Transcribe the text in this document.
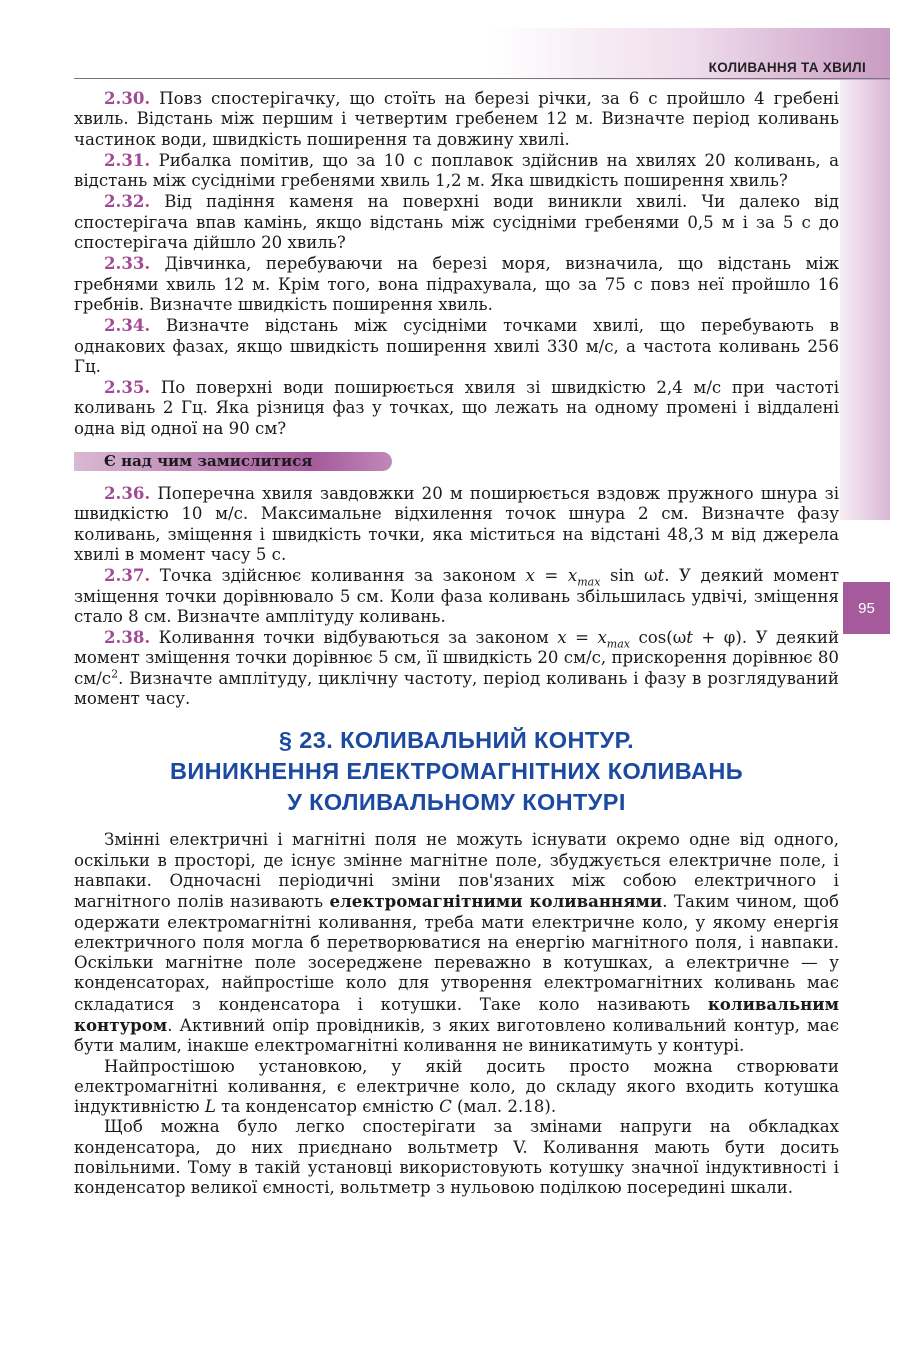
КОЛИВАННЯ ТА ХВИЛІ
95

2.30. Повз спостерігачку, що стоїть на березі річки, за 6 с пройшло 4 гребені хвиль. Відстань між першим і четвертим гребенем 12 м. Визначте період коливань частинок води, швидкість поширення та довжину хвилі.

2.31. Рибалка помітив, що за 10 с поплавок здійснив на хвилях 20 коливань, а відстань між сусідніми гребенями хвиль 1,2 м. Яка швидкість поширення хвиль?

2.32. Від падіння каменя на поверхні води виникли хвилі. Чи далеко від спостерігача впав камінь, якщо відстань між сусідніми гребенями 0,5 м і за 5 с до спостерігача дійшло 20 хвиль?

2.33. Дівчинка, перебуваючи на березі моря, визначила, що відстань між гребнями хвиль 12 м. Крім того, вона підрахувала, що за 75 с повз неї пройшло 16 гребнів. Визначте швидкість поширення хвиль.

2.34. Визначте відстань між сусідніми точками хвилі, що перебувають в однакових фазах, якщо швидкість поширення хвилі 330 м/с, а частота коливань 256 Гц.

2.35. По поверхні води поширюється хвиля зі швидкістю 2,4 м/с при частоті коливань 2 Гц. Яка різниця фаз у точках, що лежать на одному промені і віддалені одна від одної на 90 см?

Є над чим замислитися

2.36. Поперечна хвиля завдовжки 20 м поширюється вздовж пружного шнура зі швидкістю 10 м/с. Максимальне відхилення точок шнура 2 см. Визначте фазу коливань, зміщення і швидкість точки, яка міститься на відстані 48,3 м від джерела хвилі в момент часу 5 с.

2.37. Точка здійснює коливання за законом $x = x_{max}$ sin ωt. У деякий момент зміщення точки дорівнювало 5 см. Коли фаза коливань збільшилась удвічі, зміщення стало 8 см. Визначте амплітуду коливань.

2.38. Коливання точки відбуваються за законом $x = x_{max}$ cos(ωt + φ). У деякий момент зміщення точки дорівнює 5 см, її швидкість 20 см/с, прискорення дорівнює 80 $см/с^2$. Визначте амплітуду, циклічну частоту, період коливань і фазу в розглядуваний момент часу.

§ 23. КОЛИВАЛЬНИЙ КОНТУР.
ВИНИКНЕННЯ ЕЛЕКТРОМАГНІТНИХ КОЛИВАНЬ
У КОЛИВАЛЬНОМУ КОНТУРІ

Змінні електричні і магнітні поля не можуть існувати окремо одне від одного, оскільки в просторі, де існує змінне магнітне поле, збуджується електричне поле, і навпаки. Одночасні періодичні зміни пов'язаних між собою електричного і магнітного полів називають електромагнітними коливаннями. Таким чином, щоб одержати електромагнітні коливання, треба мати електричне коло, у якому енергія електричного поля могла б перетворюватися на енергію магнітного поля, і навпаки. Оскільки магнітне поле зосереджене переважно в котушках, а електричне — у конденсаторах, найпростіше коло для утворення електромагнітних коливань має складатися з конденсатора і котушки. Таке коло називають коливальним контуром. Активний опір провідників, з яких виготовлено коливальний контур, має бути малим, інакше електромагнітні коливання не виникатимуть у контурі.

Найпростішою установкою, у якій досить просто можна створювати електромагнітні коливання, є електричне коло, до складу якого входить котушка індуктивністю L та конденсатор ємністю C (мал. 2.18).

Щоб можна було легко спостерігати за змінами напруги на обкладках конденсатора, до них приєднано вольтметр V. Коливання мають бути досить повільними. Тому в такій установці використовують котушку значної індуктивності і конденсатор великої ємності, вольтметр з нульовою поділкою посередині шкали.
